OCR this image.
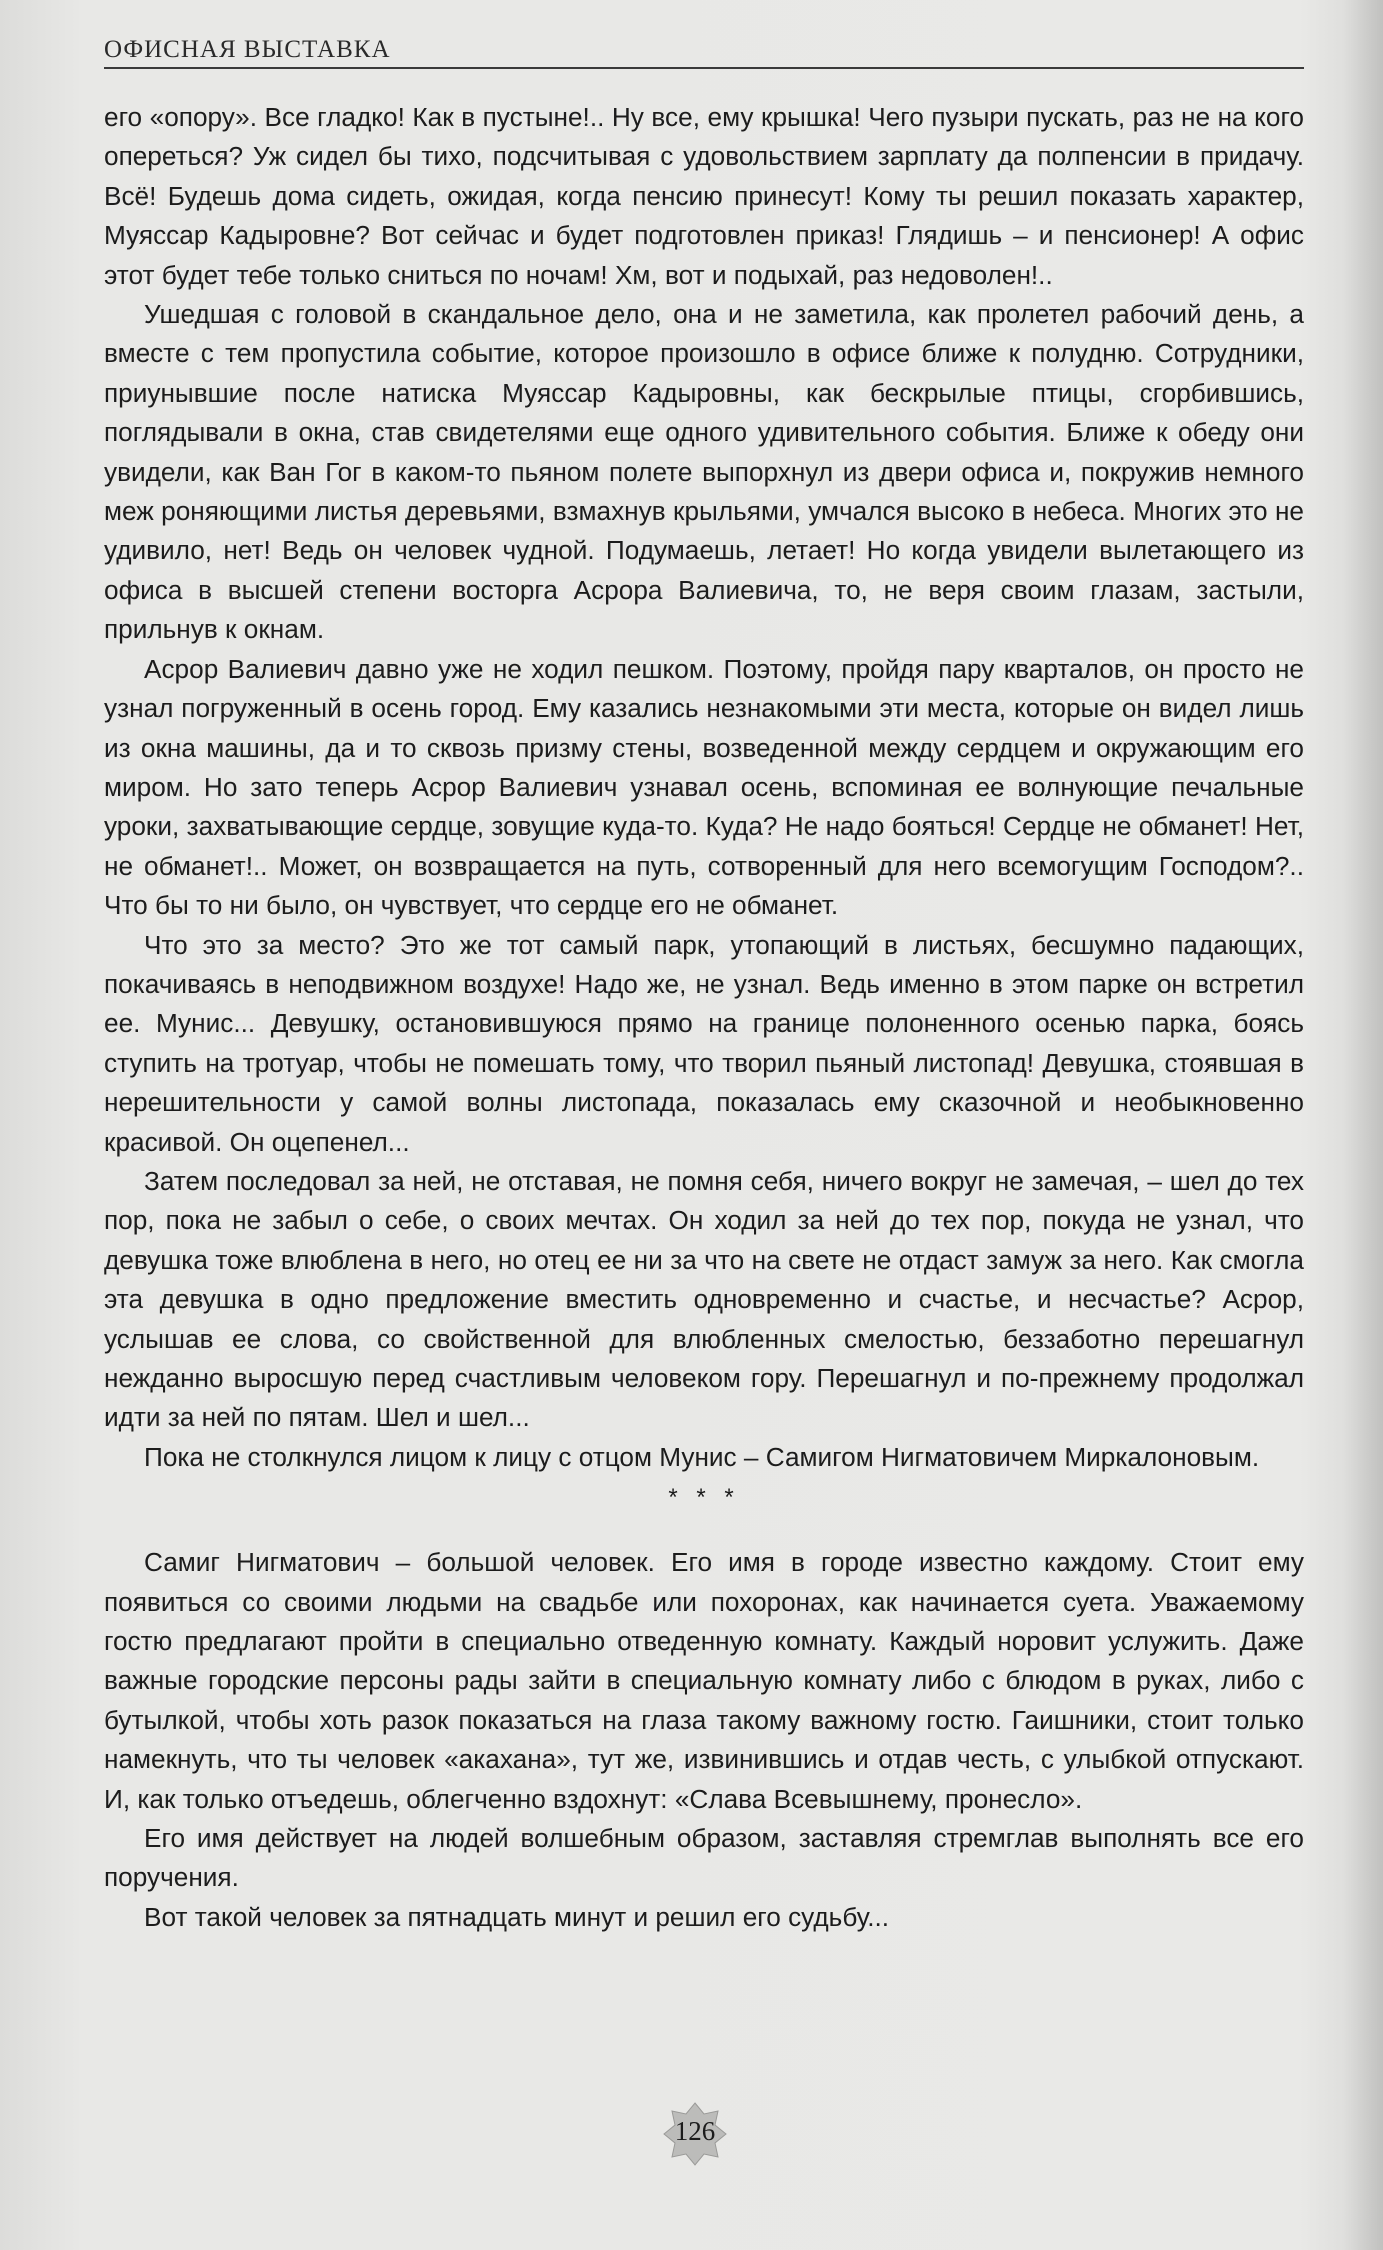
ОФИСНАЯ ВЫСТАВКА

его «опору». Все гладко! Как в пустыне!.. Ну все, ему крышка! Чего пузыри пускать, раз не на кого опереться? Уж сидел бы тихо, подсчитывая с удовольствием зарплату да полпенсии в придачу. Всё! Будешь дома сидеть, ожидая, когда пенсию принесут! Кому ты решил показать характер, Муяссар Кадыровне? Вот сейчас и будет подготовлен приказ! Глядишь – и пенсионер! А офис этот будет тебе только сниться по ночам! Хм, вот и подыхай, раз недоволен!..

Ушедшая с головой в скандальное дело, она и не заметила, как пролетел рабочий день, а вместе с тем пропустила событие, которое произошло в офисе ближе к полудню. Сотрудники, приунывшие после натиска Муяссар Кадыровны, как бескрылые птицы, сгорбившись, поглядывали в окна, став свидетелями еще одного удивительного события. Ближе к обеду они увидели, как Ван Гог в каком-то пьяном полете выпорхнул из двери офиса и, покружив немного меж роняющими листья деревьями, взмахнув крыльями, умчался высоко в небеса. Многих это не удивило, нет! Ведь он человек чудной. Подумаешь, летает! Но когда увидели вылетающего из офиса в высшей степени восторга Асрора Валиевича, то, не веря своим глазам, застыли, прильнув к окнам.

Асрор Валиевич давно уже не ходил пешком. Поэтому, пройдя пару кварталов, он просто не узнал погруженный в осень город. Ему казались незнакомыми эти места, которые он видел лишь из окна машины, да и то сквозь призму стены, возведенной между сердцем и окружающим его миром. Но зато теперь Асрор Валиевич узнавал осень, вспоминая ее волнующие печальные уроки, захватывающие сердце, зовущие куда-то. Куда? Не надо бояться! Сердце не обманет! Нет, не обманет!.. Может, он возвращается на путь, сотворенный для него всемогущим Господом?.. Что бы то ни было, он чувствует, что сердце его не обманет.

Что это за место? Это же тот самый парк, утопающий в листьях, бесшумно падающих, покачиваясь в неподвижном воздухе! Надо же, не узнал. Ведь именно в этом парке он встретил ее. Мунис... Девушку, остановившуюся прямо на границе полоненного осенью парка, боясь ступить на тротуар, чтобы не помешать тому, что творил пьяный листопад! Девушка, стоявшая в нерешительности у самой волны листопада, показалась ему сказочной и необыкновенно красивой. Он оцепенел...

Затем последовал за ней, не отставая, не помня себя, ничего вокруг не замечая, – шел до тех пор, пока не забыл о себе, о своих мечтах. Он ходил за ней до тех пор, покуда не узнал, что девушка тоже влюблена в него, но отец ее ни за что на свете не отдаст замуж за него. Как смогла эта девушка в одно предложение вместить одновременно и счастье, и несчастье? Асрор, услышав ее слова, со свойственной для влюбленных смелостью, беззаботно перешагнул нежданно выросшую перед счастливым человеком гору. Перешагнул и по-прежнему продолжал идти за ней по пятам. Шел и шел...

Пока не столкнулся лицом к лицу с отцом Мунис – Самигом Нигматовичем Миркалоновым.

* * *

Самиг Нигматович – большой человек. Его имя в городе известно каждому. Стоит ему появиться со своими людьми на свадьбе или похоронах, как начинается суета. Уважаемому гостю предлагают пройти в специально отведенную комнату. Каждый норовит услужить. Даже важные городские персоны рады зайти в специальную комнату либо с блюдом в руках, либо с бутылкой, чтобы хоть разок показаться на глаза такому важному гостю. Гаишники, стоит только намекнуть, что ты человек «акахана», тут же, извинившись и отдав честь, с улыбкой отпускают. И, как только отъедешь, облегченно вздохнут: «Слава Всевышнему, пронесло».

Его имя действует на людей волшебным образом, заставляя стремглав выполнять все его поручения.

Вот такой человек за пятнадцать минут и решил его судьбу...

126
